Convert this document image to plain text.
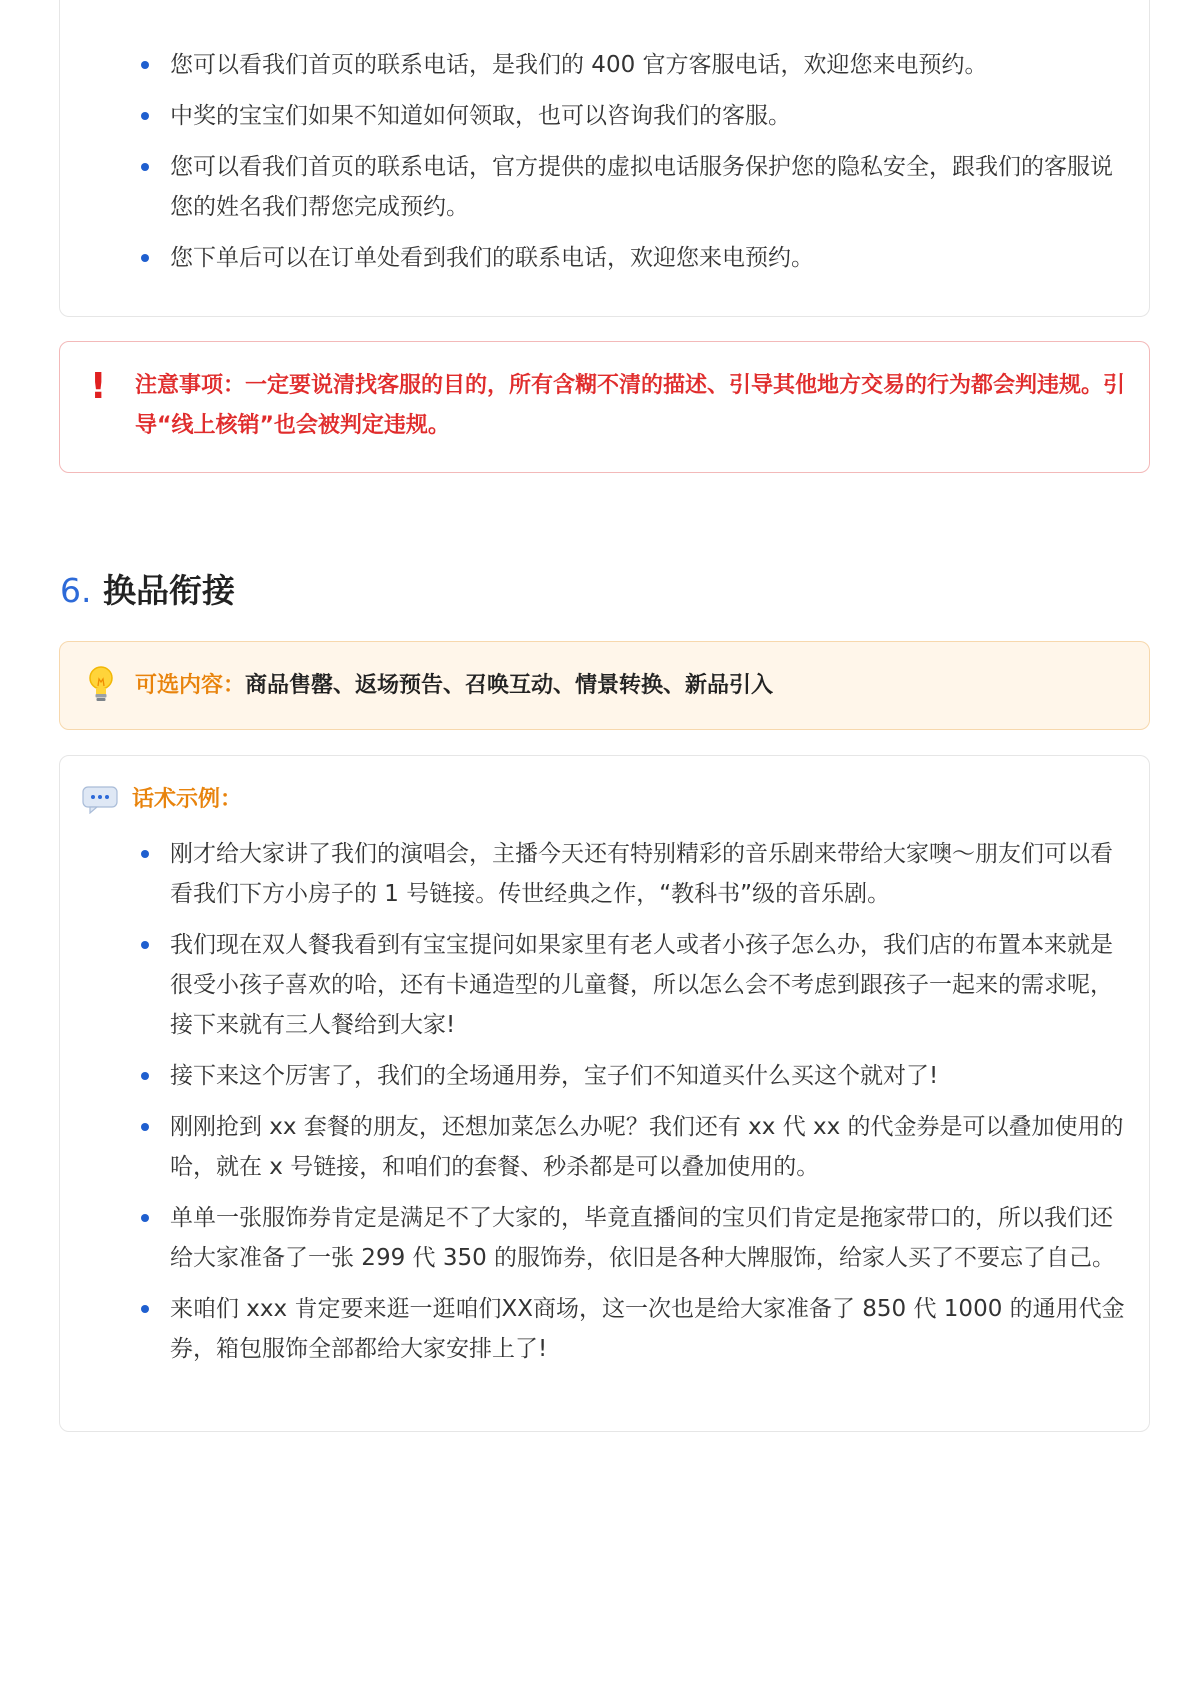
您可以看我们首页的联系电话，是我们的 400 官方客服电话，欢迎您来电预约。
中奖的宝宝们如果不知道如何领取，也可以咨询我们的客服。
您可以看我们首页的联系电话，官方提供的虚拟电话服务保护您的隐私安全，跟我们的客服说您的姓名我们帮您完成预约。
您下单后可以在订单处看到我们的联系电话，欢迎您来电预约。
! 注意事项：一定要说清找客服的目的，所有含糊不清的描述、引导其他地方交易的行为都会判违规。引导“线上核销”也会被判定违规。
6. 换品衔接
可选内容：商品售罄、返场预告、召唤互动、情景转换、新品引入
话术示例：
刚才给大家讲了我们的演唱会，主播今天还有特别精彩的音乐剧来带给大家噢～朋友们可以看看我们下方小房子的 1 号链接。传世经典之作，“教科书”级的音乐剧。
我们现在双人餐我看到有宝宝提问如果家里有老人或者小孩子怎么办，我们店的布置本来就是很受小孩子喜欢的哈，还有卡通造型的儿童餐，所以怎么会不考虑到跟孩子一起来的需求呢，接下来就有三人餐给到大家!
接下来这个厉害了，我们的全场通用券，宝子们不知道买什么买这个就对了!
刚刚抢到 xx 套餐的朋友，还想加菜怎么办呢？我们还有 xx 代 xx 的代金券是可以叠加使用的哈，就在 x 号链接，和咱们的套餐、秒杀都是可以叠加使用的。
单单一张服饰券肯定是满足不了大家的，毕竟直播间的宝贝们肯定是拖家带口的，所以我们还给大家准备了一张 299 代 350 的服饰券，依旧是各种大牌服饰，给家人买了不要忘了自己。
来咱们 xxx 肯定要来逛一逛咱们XX商场，这一次也是给大家准备了 850 代 1000 的通用代金券，箱包服饰全部都给大家安排上了!
